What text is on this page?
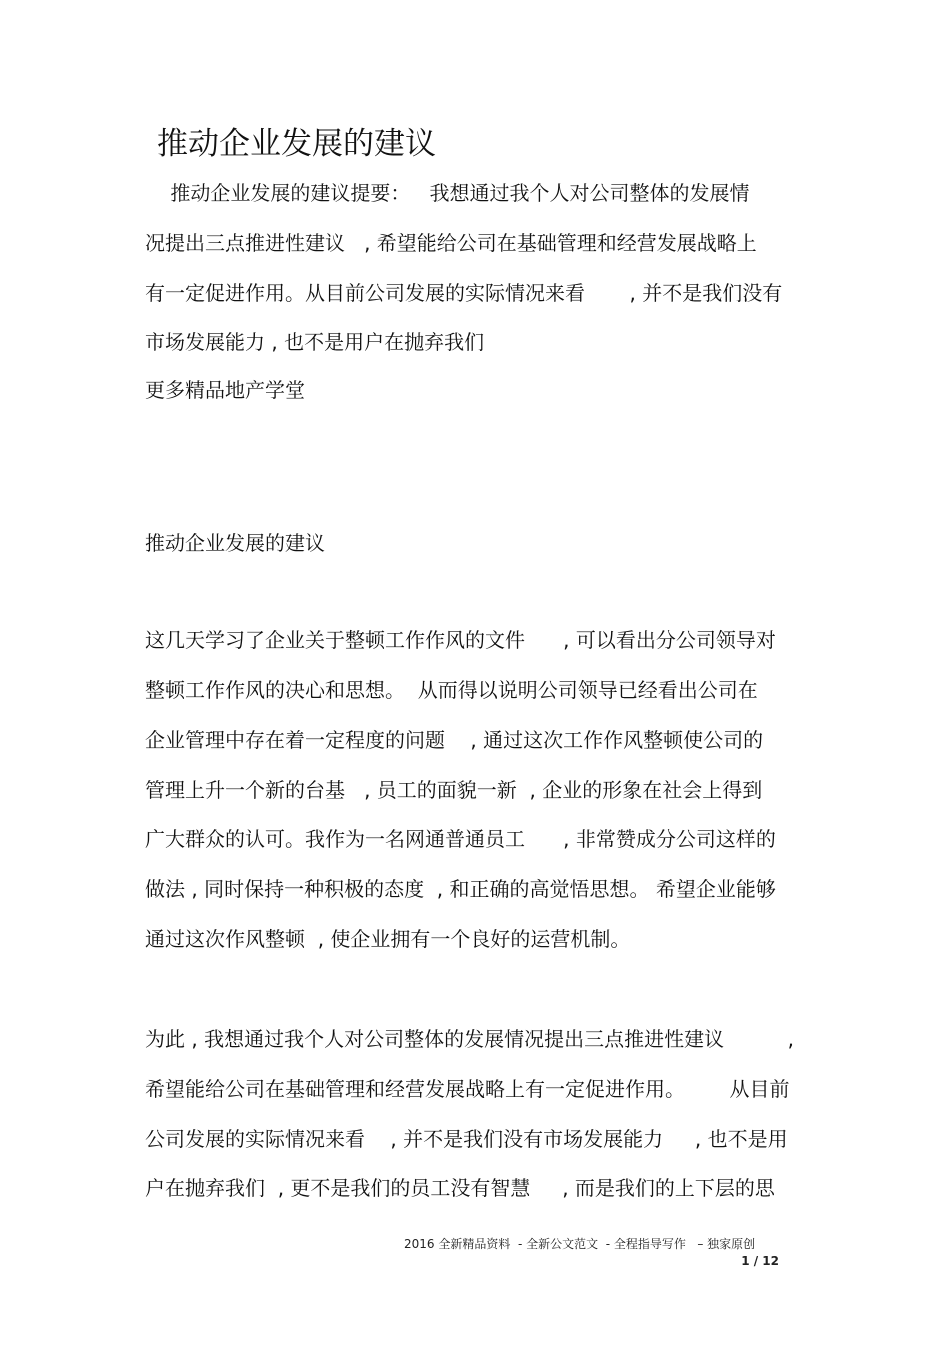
推动企业发展的建议

推动企业发展的建议提要：   我想通过我个人对公司整体的发展情

况提出三点推进性建议   , 希望能给公司在基础管理和经营发展战略上

有一定促进作用。从目前公司发展的实际情况来看       , 并不是我们没有

市场发展能力 , 也不是用户在抛弃我们

更多精品地产学堂

推动企业发展的建议

这几天学习了企业关于整顿工作作风的文件      , 可以看出分公司领导对

整顿工作作风的决心和思想。  从而得以说明公司领导已经看出公司在

企业管理中存在着一定程度的问题    , 通过这次工作作风整顿使公司的

管理上升一个新的台基   , 员工的面貌一新  , 企业的形象在社会上得到

广大群众的认可。我作为一名网通普通员工      , 非常赞成分公司这样的

做法 , 同时保持一种积极的态度  , 和正确的高觉悟思想。 希望企业能够

通过这次作风整顿  , 使企业拥有一个良好的运营机制。

为此 , 我想通过我个人对公司整体的发展情况提出三点推进性建议          ,

希望能给公司在基础管理和经营发展战略上有一定促进作用。       从目前

公司发展的实际情况来看    , 并不是我们没有市场发展能力     , 也不是用

户在抛弃我们  , 更不是我们的员工没有智慧     , 而是我们的上下层的思

2016 全新精品资料  - 全新公文范文  - 全程指导写作   – 独家原创
1 / 12
